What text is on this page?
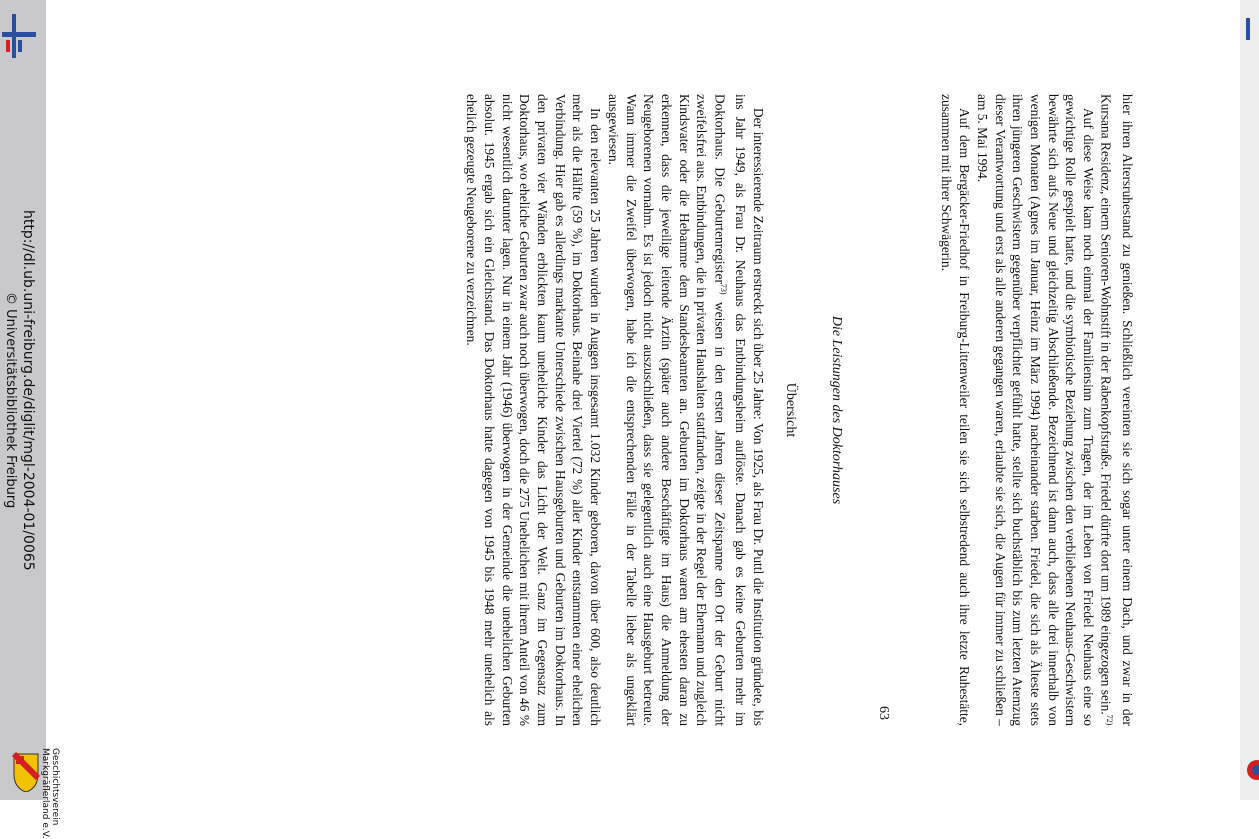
hier ihren Altersruhestand zu genießen. Schließlich vereinten sie sich sogar unter einem Dach, und zwar in der Kursana Residenz, einem Senioren-Wohnstift in der Rabenkopfstraße. Friedel dürfte dort um 1989 eingezogen sein.$^{72)}$

Auf diese Weise kam noch einmal der Familiensinn zum Tragen, der im Leben von Friedel Neuhaus eine so gewichtige Rolle gespielt hatte, und die symbiotische Beziehung zwischen den verbliebenen Neuhaus-Geschwistern bewährte sich aufs Neue und gleichzeitig Abschließende. Bezeichnend ist dann auch, dass alle drei innerhalb von wenigen Monaten (Agnes im Januar, Heinz im März 1994) nacheinander starben. Friedel, die sich als Älteste stets ihren jüngeren Geschwistern gegenüber verpflichtet gefühlt hatte, stellte sich buchstäblich bis zum letzten Atemzug dieser Verantwortung und erst als alle anderen gegangen waren, erlaubte sie sich, die Augen für immer zu schließen – am 5. Mai 1994.

Auf dem Bergäcker-Friedhof in Freiburg-Littenweiler teilen sie sich selbstredend auch ihre letzte Ruhestätte, zusammen mit ihrer Schwägerin.

Die Leistungen des Doktorhauses
Übersicht

Der interessierende Zeitraum erstreckt sich über 25 Jahre: Von 1925, als Frau Dr. Puttl die Institution gründete, bis ins Jahr 1949, als Frau Dr. Neuhaus das Entbindungsheim auflöste. Danach gab es keine Geburten mehr im Doktorhaus. Die Geburtenregister$^{73)}$ weisen in den ersten Jahren dieser Zeitspanne den Ort der Geburt nicht zweifelsfrei aus. Entbindungen, die in privaten Haushalten stattfanden, zeigte in der Regel der Ehemann und zugleich Kindsvater oder die Hebamme dem Standesbeamten an. Geburten im Doktorhaus waren am ehesten daran zu erkennen, dass die jeweilige leitende Ärztin (später auch andere Beschäftigte im Haus) die Anmeldung der Neugeborenen vornahm. Es ist jedoch nicht auszuschließen, dass sie gelegentlich auch eine Hausgeburt betreute. Wann immer die Zweifel überwogen, habe ich die entsprechenden Fälle in der Tabelle lieber als ungeklärt ausgewiesen.

In den relevanten 25 Jahren wurden in Auggen insgesamt 1.032 Kinder geboren, davon über 600, also deutlich mehr als die Hälfte (59 %), im Doktorhaus. Beinahe drei Viertel (72 %) aller Kinder entstammten einer ehelichen Verbindung. Hier gab es allerdings markante Unterschiede zwischen Hausgeburten und Geburten im Doktorhaus. In den privaten vier Wänden erblickten kaum uneheliche Kinder das Licht der Welt. Ganz im Gegensatz zum Doktorhaus, wo eheliche Geburten zwar auch noch überwogen, doch die 275 Unehelichen mit ihrem Anteil von 46 % nicht wesentlich darunter lagen. Nur in einem Jahr (1946) überwogen in der Gemeinde die unehelichen Geburten absolut. 1945 ergab sich ein Gleichstand. Das Doktorhaus hatte dagegen von 1945 bis 1948 mehr unehelich als ehelich gezeugte Neugeborene zu verzeichnen.

63
http://dl.ub.uni-freiburg.de/diglit/mgl-2004-01/0065
© Universitätsbibliothek Freiburg
Geschichtsverein
Markgräflerland e.V.
